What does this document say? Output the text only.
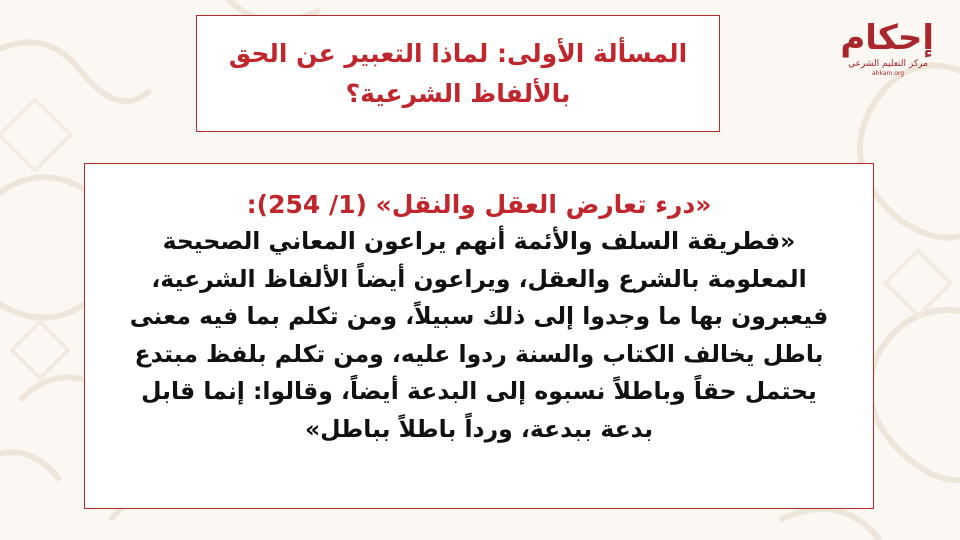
المسألة الأولى: لماذا التعبير عن الحق
بالألفاظ الشرعية؟
«درء تعارض العقل والنقل» (1/ 254):
«فطريقة السلف والأئمة أنهم يراعون المعاني الصحيحة
المعلومة بالشرع والعقل، ويراعون أيضاً الألفاظ الشرعية،
فيعبرون بها ما وجدوا إلى ذلك سبيلاً، ومن تكلم بما فيه معنى
باطل يخالف الكتاب والسنة ردوا عليه، ومن تكلم بلفظ مبتدع
يحتمل حقاً وباطلاً نسبوه إلى البدعة أيضاً، وقالوا: إنما قابل
بدعة ببدعة، ورداً باطلاً بباطل»
إحكام
مركز التعليم الشرعي
ahkam.org
